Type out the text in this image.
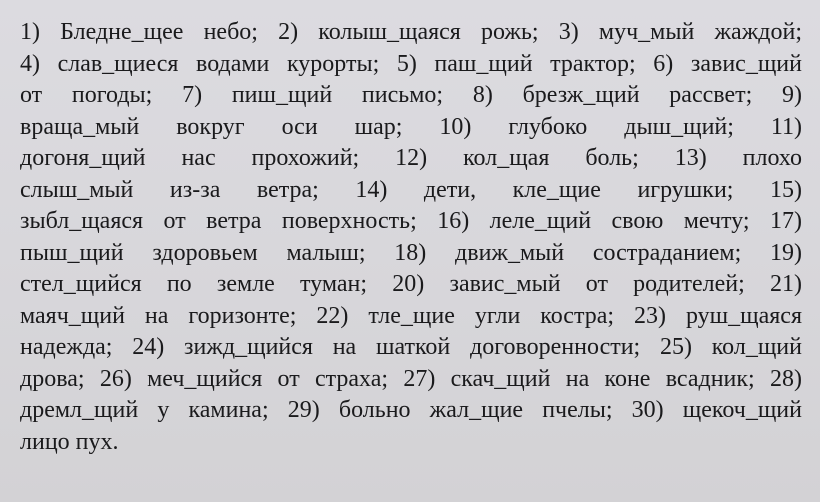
1) Бледне_щее небо; 2) колыш_щаяся рожь; 3) муч_мый жаждой;
4) слав_щиеся водами курорты; 5) паш_щий трактор; 6) завис_щий
от погоды; 7) пиш_щий письмо; 8) брезж_щий рассвет; 9)
враща_мый вокруг оси шар; 10) глубоко дыш_щий; 11)
догоня_щий нас прохожий; 12) кол_щая боль; 13) плохо
слыш_мый из-за ветра; 14) дети, кле_щие игрушки; 15)
зыбл_щаяся от ветра поверхность; 16) леле_щий свою мечту; 17)
пыш_щий здоровьем малыш; 18) движ_мый состраданием; 19)
стел_щийся по земле туман; 20) завис_мый от родителей; 21)
маяч_щий на горизонте; 22) тле_щие угли костра; 23) руш_щаяся
надежда; 24) зижд_щийся на шаткой договоренности; 25) кол_щий
дрова; 26) меч_щийся от страха; 27) скач_щий на коне всадник; 28)
дремл_щий у камина; 29) больно жал_щие пчелы; 30) щекоч_щий
лицо пух.
